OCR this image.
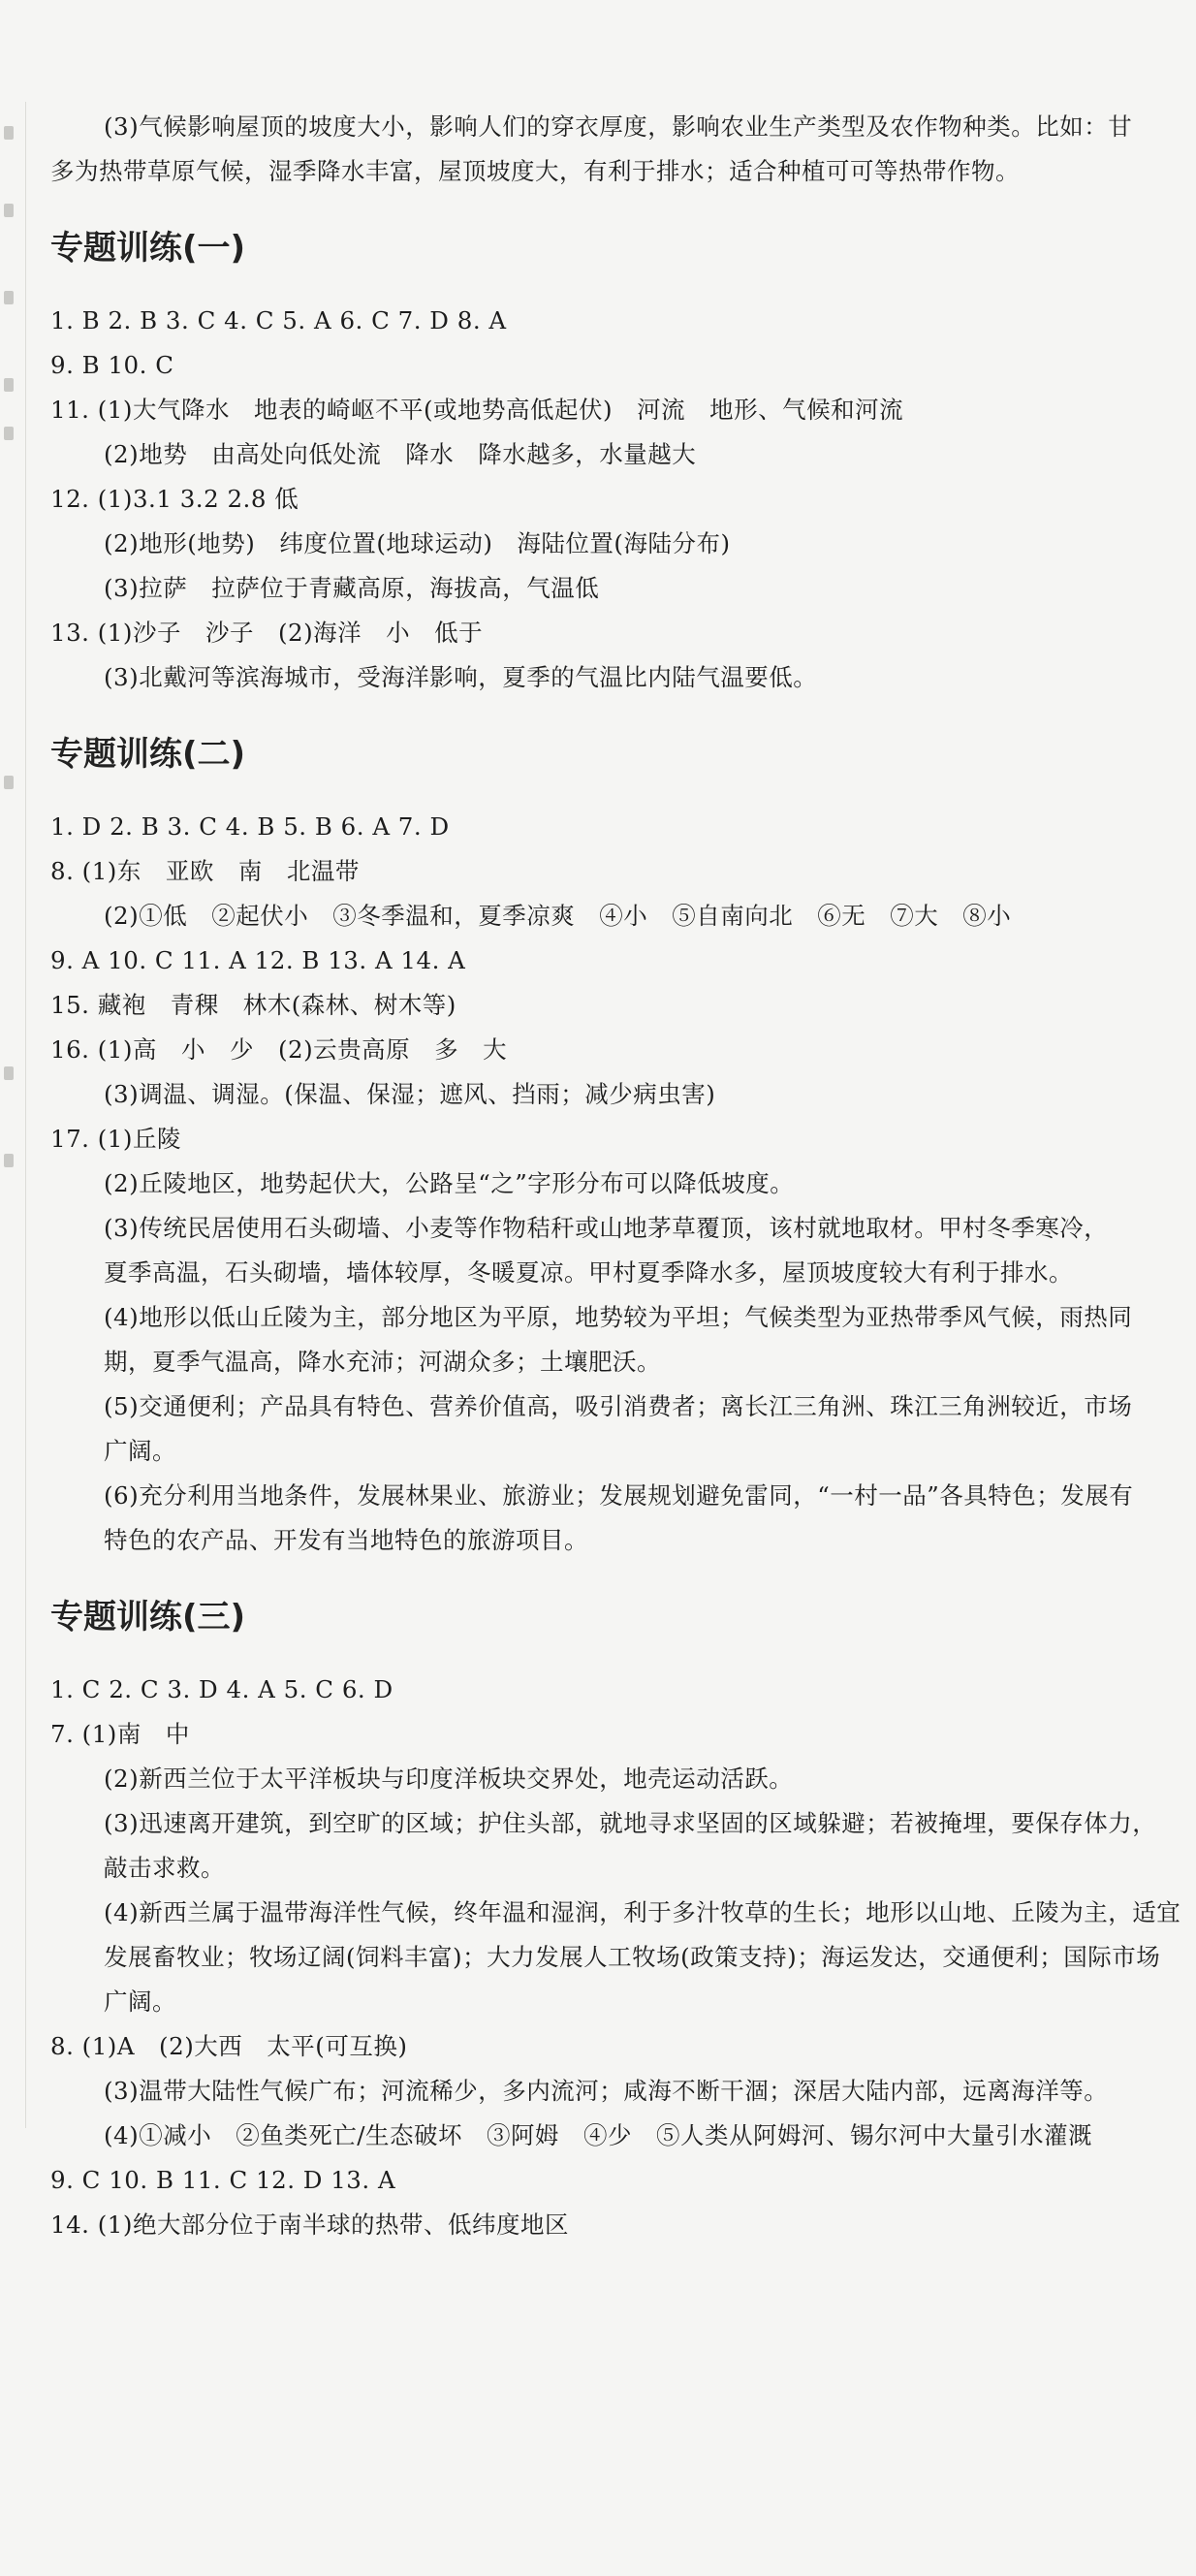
(3)气候影响屋顶的坡度大小，影响人们的穿衣厚度，影响农业生产类型及农作物种类。比如：甘
多为热带草原气候，湿季降水丰富，屋顶坡度大，有利于排水；适合种植可可等热带作物。
专题训练(一)
1. B 2. B 3. C 4. C 5. A 6. C 7. D 8. A
9. B 10. C
11. (1)大气降水　地表的崎岖不平(或地势高低起伏)　河流　地形、气候和河流
(2)地势　由高处向低处流　降水　降水越多，水量越大
12. (1)3.1 3.2 2.8 低
(2)地形(地势)　纬度位置(地球运动)　海陆位置(海陆分布)
(3)拉萨　拉萨位于青藏高原，海拔高，气温低
13. (1)沙子　沙子　(2)海洋　小　低于
(3)北戴河等滨海城市，受海洋影响，夏季的气温比内陆气温要低。
专题训练(二)
1. D 2. B 3. C 4. B 5. B 6. A 7. D
8. (1)东　亚欧　南　北温带
(2)①低　②起伏小　③冬季温和，夏季凉爽　④小　⑤自南向北　⑥无　⑦大　⑧小
9. A 10. C 11. A 12. B 13. A 14. A
15. 藏袍　青稞　林木(森林、树木等)
16. (1)高　小　少　(2)云贵高原　多　大
(3)调温、调湿。(保温、保湿；遮风、挡雨；减少病虫害)
17. (1)丘陵
(2)丘陵地区，地势起伏大，公路呈“之”字形分布可以降低坡度。
(3)传统民居使用石头砌墙、小麦等作物秸秆或山地茅草覆顶，该村就地取材。甲村冬季寒冷，
夏季高温，石头砌墙，墙体较厚，冬暖夏凉。甲村夏季降水多，屋顶坡度较大有利于排水。
(4)地形以低山丘陵为主，部分地区为平原，地势较为平坦；气候类型为亚热带季风气候，雨热同
期，夏季气温高，降水充沛；河湖众多；土壤肥沃。
(5)交通便利；产品具有特色、营养价值高，吸引消费者；离长江三角洲、珠江三角洲较近，市场
广阔。
(6)充分利用当地条件，发展林果业、旅游业；发展规划避免雷同，“一村一品”各具特色；发展有
特色的农产品、开发有当地特色的旅游项目。
专题训练(三)
1. C 2. C 3. D 4. A 5. C 6. D
7. (1)南　中
(2)新西兰位于太平洋板块与印度洋板块交界处，地壳运动活跃。
(3)迅速离开建筑，到空旷的区域；护住头部，就地寻求坚固的区域躲避；若被掩埋，要保存体力，
敲击求救。
(4)新西兰属于温带海洋性气候，终年温和湿润，利于多汁牧草的生长；地形以山地、丘陵为主，适宜
发展畜牧业；牧场辽阔(饲料丰富)；大力发展人工牧场(政策支持)；海运发达，交通便利；国际市场
广阔。
8. (1)A　(2)大西　太平(可互换)
(3)温带大陆性气候广布；河流稀少，多内流河；咸海不断干涸；深居大陆内部，远离海洋等。
(4)①减小　②鱼类死亡/生态破坏　③阿姆　④少　⑤人类从阿姆河、锡尔河中大量引水灌溉
9. C 10. B 11. C 12. D 13. A
14. (1)绝大部分位于南半球的热带、低纬度地区
